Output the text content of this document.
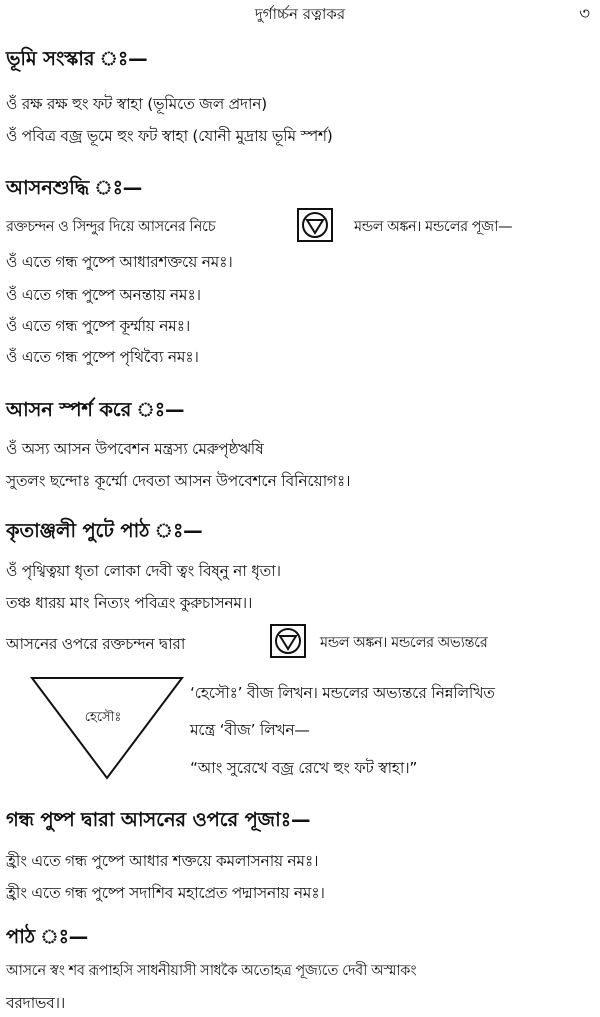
দুর্গার্চ্চন রত্নাকর	৩
ভূমি সংস্কার ঃ—
ওঁ রক্ষ রক্ষ হুং ফট স্বাহা (ভূমিতে জল প্রদান)
ওঁ পবিত্র বজ্র ভূমে হুং ফট স্বাহা (যোনী মুদ্রায় ভূমি স্পর্শ)
আসনশুদ্ধি ঃ—
রক্তচন্দন ও সিন্দুর দিয়ে আসনের নিচে	মন্ডল অঙ্কন। মন্ডলের পূজা—
ওঁ এতে গন্ধ পুষ্পে আধারশক্তয়ে নমঃ।
ওঁ এতে গন্ধ পুষ্পে অনন্তায় নমঃ।
ওঁ এতে গন্ধ পুষ্পে কূর্ম্মায় নমঃ।
ওঁ এতে গন্ধ পুষ্পে পৃথিব্যৈ নমঃ।
আসন স্পর্শ করে ঃ—
ওঁ অস্য আসন উপবেশন মন্ত্রস্য মেরুপৃষ্ঠঋষি
সুতলং ছন্দোঃ কূর্ম্মো দেবতা আসন উপবেশনে বিনিয়োগঃ।
কৃতাঞ্জলী পুটে পাঠ ঃ—
ওঁ পৃথ্বিত্বয়া ধৃতা লোকা দেবী ত্বং বিষ্নু না ধৃতা।
তঞ্চ ধারয় মাং নিত্যং পবিত্রং কুরুচাসনম।।
আসনের ওপরে রক্তচন্দন দ্বারা	মন্ডল অঙ্কন। মন্ডলের অভ্যন্তরে
হেসৌঃ
‘হেসৌঃ’ বীজ লিখন। মন্ডলের অভ্যন্তরে নিন্নলিখিত
মন্ত্রে ‘বীজ’ লিখন—
“আং সুরেখে বজ্র রেখে হুং ফট স্বাহা।”
গন্ধ পুষ্প দ্বারা আসনের ওপরে পূজাঃ—
হ্রীং এতে গন্ধ পুষ্পে আধার শক্তয়ে কমলাসনায় নমঃ।
হ্রীং এতে গন্ধ পুষ্পে সদাশিব মহাপ্রেত পদ্মাসনায় নমঃ।
পাঠ ঃ—
আসনে স্বং শব রূপাহসি সাধনীয়াসী সাধকৈ অতোহত্র পূজ্যতে দেবী অস্মাকং
বরদাভব।।
